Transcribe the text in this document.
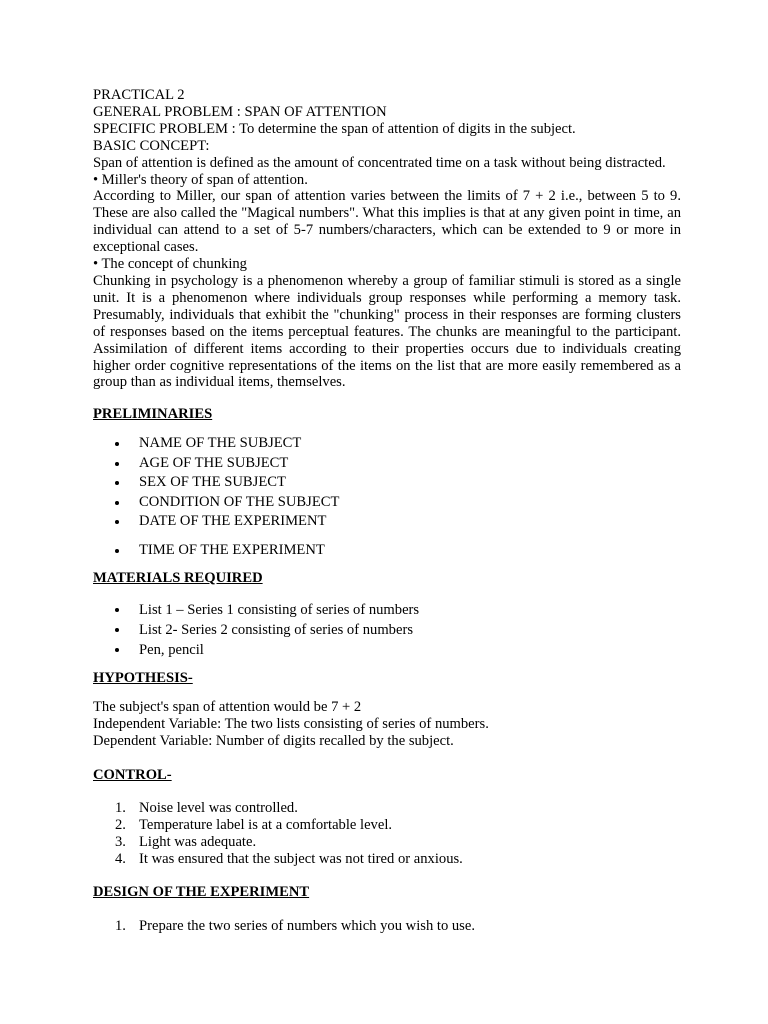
PRACTICAL 2
GENERAL PROBLEM : SPAN OF ATTENTION
SPECIFIC PROBLEM : To determine the span of attention of digits in the subject.
BASIC CONCEPT:
Span of attention is defined as the amount of concentrated time on a task without being distracted.
• Miller's theory of span of attention.
According to Miller, our span of attention varies between the limits of 7 + 2 i.e., between 5 to 9. These are also called the "Magical numbers". What this implies is that at any given point in time, an individual can attend to a set of 5-7 numbers/characters, which can be extended to 9 or more in exceptional cases.
• The concept of chunking
Chunking in psychology is a phenomenon whereby a group of familiar stimuli is stored as a single unit. It is a phenomenon where individuals group responses while performing a memory task. Presumably, individuals that exhibit the "chunking" process in their responses are forming clusters of responses based on the items perceptual features. The chunks are meaningful to the participant. Assimilation of different items according to their properties occurs due to individuals creating higher order cognitive representations of the items on the list that are more easily remembered as a group than as individual items, themselves.
PRELIMINARIES
NAME OF THE SUBJECT
AGE OF THE SUBJECT
SEX OF THE SUBJECT
CONDITION OF THE SUBJECT
DATE OF THE EXPERIMENT
TIME OF THE EXPERIMENT
MATERIALS REQUIRED
List 1 – Series 1 consisting of series of numbers
List 2- Series 2 consisting of series of numbers
Pen, pencil
HYPOTHESIS-
The subject's span of attention would be 7 + 2
Independent Variable: The two lists consisting of series of numbers.
Dependent Variable: Number of digits recalled by the subject.
CONTROL-
1. Noise level was controlled.
2. Temperature label is at a comfortable level.
3. Light was adequate.
4. It was ensured that the subject was not tired or anxious.
DESIGN OF THE EXPERIMENT
1. Prepare the two series of numbers which you wish to use.
